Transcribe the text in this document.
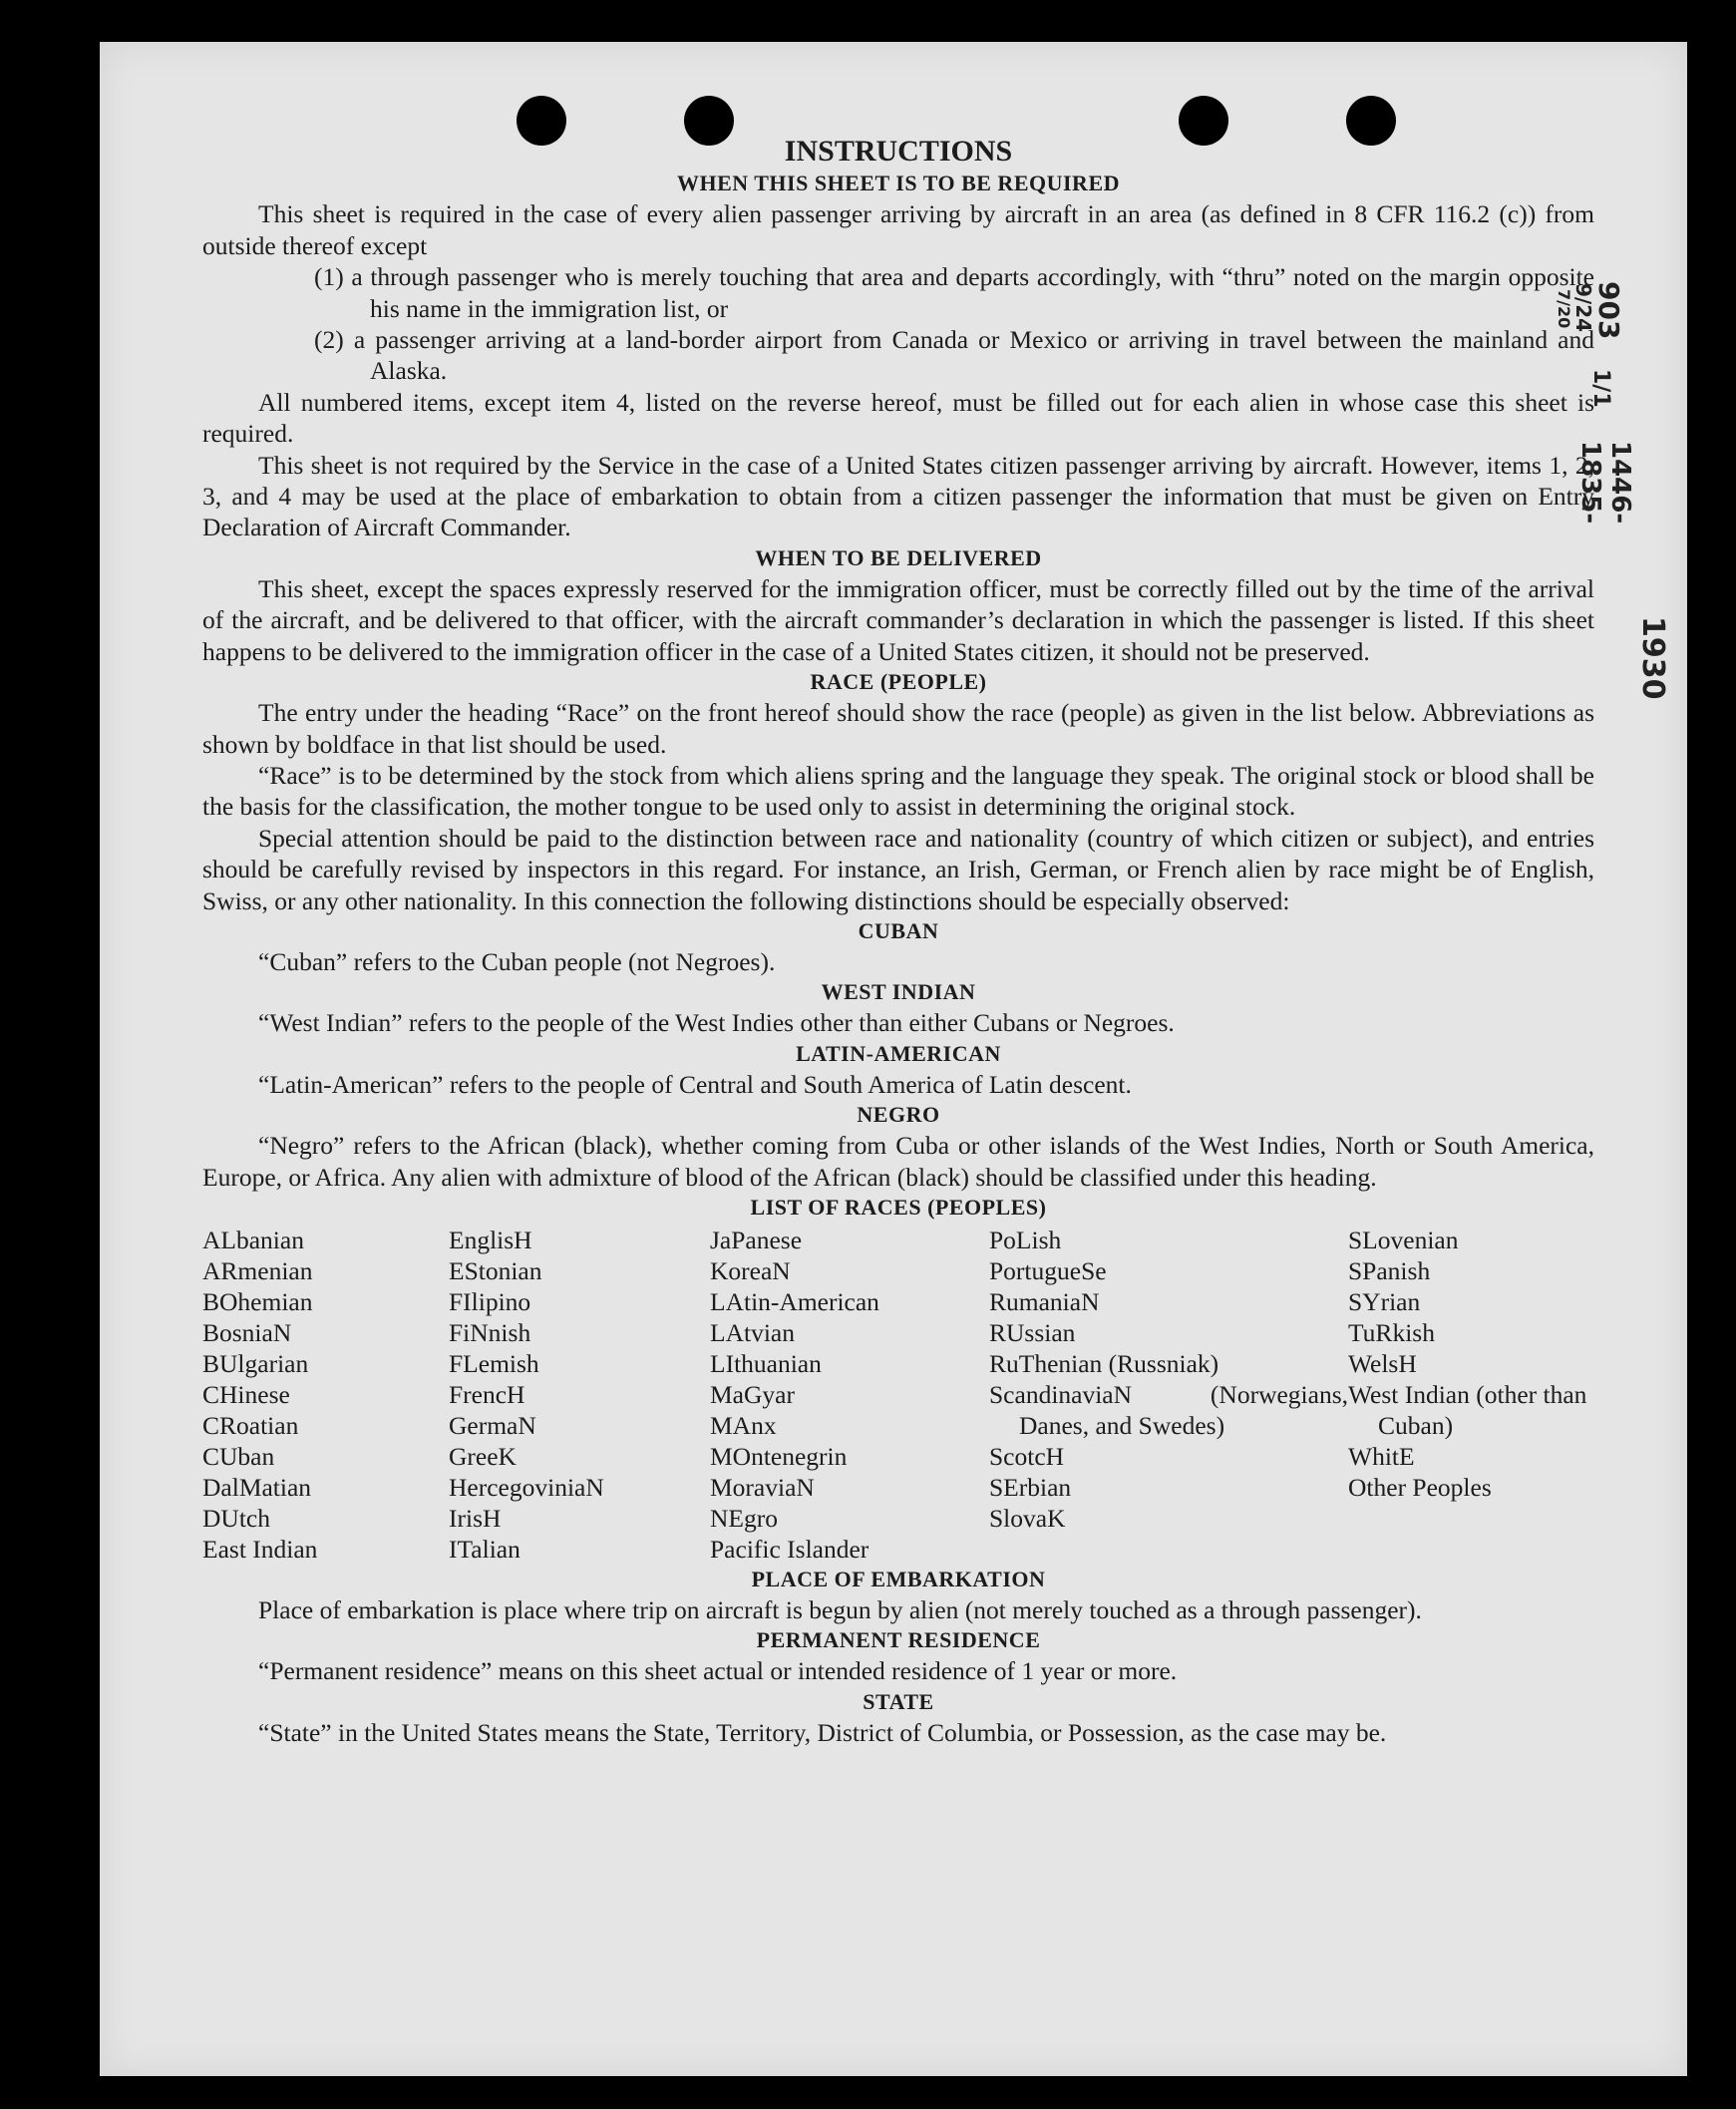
INSTRUCTIONS
WHEN THIS SHEET IS TO BE REQUIRED
This sheet is required in the case of every alien passenger arriving by aircraft in an area (as defined in 8 CFR 116.2 (c)) from outside thereof except
(1) a through passenger who is merely touching that area and departs accordingly, with “thru” noted on the margin opposite his name in the immigration list, or
(2) a passenger arriving at a land-border airport from Canada or Mexico or arriving in travel between the mainland and Alaska.
All numbered items, except item 4, listed on the reverse hereof, must be filled out for each alien in whose case this sheet is required.
This sheet is not required by the Service in the case of a United States citizen passenger arriving by aircraft. However, items 1, 2, 3, and 4 may be used at the place of embarkation to obtain from a citizen passenger the information that must be given on Entry Declaration of Aircraft Commander.
WHEN TO BE DELIVERED
This sheet, except the spaces expressly reserved for the immigration officer, must be correctly filled out by the time of the arrival of the aircraft, and be delivered to that officer, with the aircraft commander’s declaration in which the passenger is listed. If this sheet happens to be delivered to the immigration officer in the case of a United States citizen, it should not be preserved.
RACE (PEOPLE)
The entry under the heading “Race” on the front hereof should show the race (people) as given in the list below. Abbreviations as shown by boldface in that list should be used.
“Race” is to be determined by the stock from which aliens spring and the language they speak. The original stock or blood shall be the basis for the classification, the mother tongue to be used only to assist in determining the original stock.
Special attention should be paid to the distinction between race and nationality (country of which citizen or subject), and entries should be carefully revised by inspectors in this regard. For instance, an Irish, German, or French alien by race might be of English, Swiss, or any other nationality. In this connection the following distinctions should be especially observed:
CUBAN
“Cuban” refers to the Cuban people (not Negroes).
WEST INDIAN
“West Indian” refers to the people of the West Indies other than either Cubans or Negroes.
LATIN-AMERICAN
“Latin-American” refers to the people of Central and South America of Latin descent.
NEGRO
“Negro” refers to the African (black), whether coming from Cuba or other islands of the West Indies, North or South America, Europe, or Africa. Any alien with admixture of blood of the African (black) should be classified under this heading.
LIST OF RACES (PEOPLES)
ALbanian
ARmenian
BOhemian
BosniaN
BUlgarian
CHinese
CRoatian
CUban
DalMatian
DUtch
East Indian
EnglisH
EStonian
FIlipino
FiNnish
FLemish
FrencH
GermaN
GreeK
HercegoviniaN
IrisH
ITalian
JaPanese
KoreaN
LAtin-American
LAtvian
LIthuanian
MaGyar
MAnx
MOntenegrin
MoraviaN
NEgro
Pacific Islander
PoLish
PortugueSe
RumaniaN
RUssian
RuThenian (Russniak)
ScandinaviaN (Norwegians, Danes, and Swedes)
ScotcH
SErbian
SlovaK
SLovenian
SPanish
SYrian
TuRkish
WelsH
West Indian (other than Cuban)
WhitE
Other Peoples
PLACE OF EMBARKATION
Place of embarkation is place where trip on aircraft is begun by alien (not merely touched as a through passenger).
PERMANENT RESIDENCE
“Permanent residence” means on this sheet actual or intended residence of 1 year or more.
STATE
“State” in the United States means the State, Territory, District of Columbia, or Possession, as the case may be.
903
9/24
7/20
1/1
1446-1835-
1930
